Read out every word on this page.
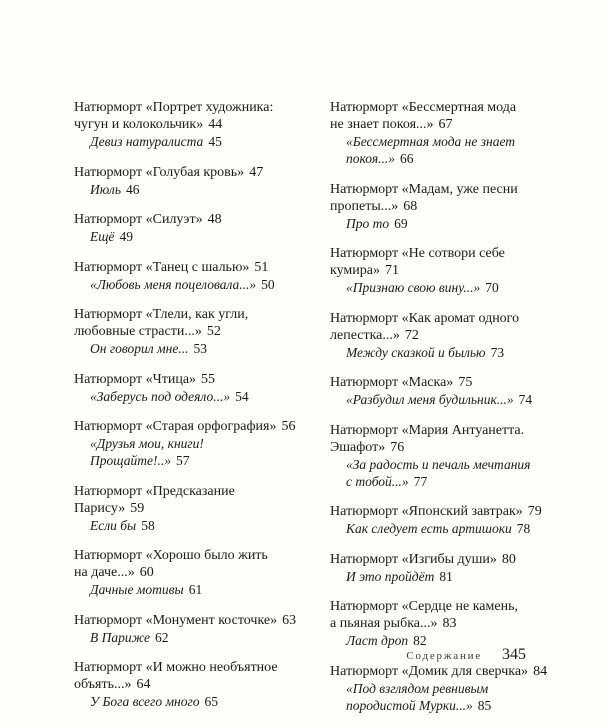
Натюрморт «Портрет художника:
чугун и колокольчик» 44
Девиз натуралиста 45
Натюрморт «Голубая кровь» 47
Июль 46
Натюрморт «Силуэт» 48
Ещё 49
Натюрморт «Танец с шалью» 51
«Любовь меня поцеловала...» 50
Натюрморт «Тлели, как угли,
любовные страсти...» 52
Он говорил мне... 53
Натюрморт «Чтица» 55
«Заберусь под одеяло...» 54
Натюрморт «Старая орфография» 56
«Друзья мои, книги!
Прощайте!..» 57
Натюрморт «Предсказание
Парису» 59
Если бы 58
Натюрморт «Хорошо было жить
на даче...» 60
Дачные мотивы 61
Натюрморт «Монумент косточке» 63
В Париже 62
Натюрморт «И можно необъятное
объять...» 64
У Бога всего много 65
Натюрморт «Бессмертная мода
не знает покоя...» 67
«Бессмертная мода не знает
покоя...» 66
Натюрморт «Мадам, уже песни
пропеты...» 68
Про то 69
Натюрморт «Не сотвори себе
кумира» 71
«Признаю свою вину...» 70
Натюрморт «Как аромат одного
лепестка...» 72
Между сказкой и былью 73
Натюрморт «Маска» 75
«Разбудил меня будильник...» 74
Натюрморт «Мария Антуанетта.
Эшафот» 76
«За радость и печаль мечтания
с тобой...» 77
Натюрморт «Японский завтрак» 79
Как следует есть артишоки 78
Натюрморт «Изгибы души» 80
И это пройдёт 81
Натюрморт «Сердце не камень,
а пьяная рыбка...» 83
Ласт дроп 82
Натюрморт «Домик для сверчка» 84
«Под взглядом ревнивым
породистой Мурки...» 85
Содержание 345
